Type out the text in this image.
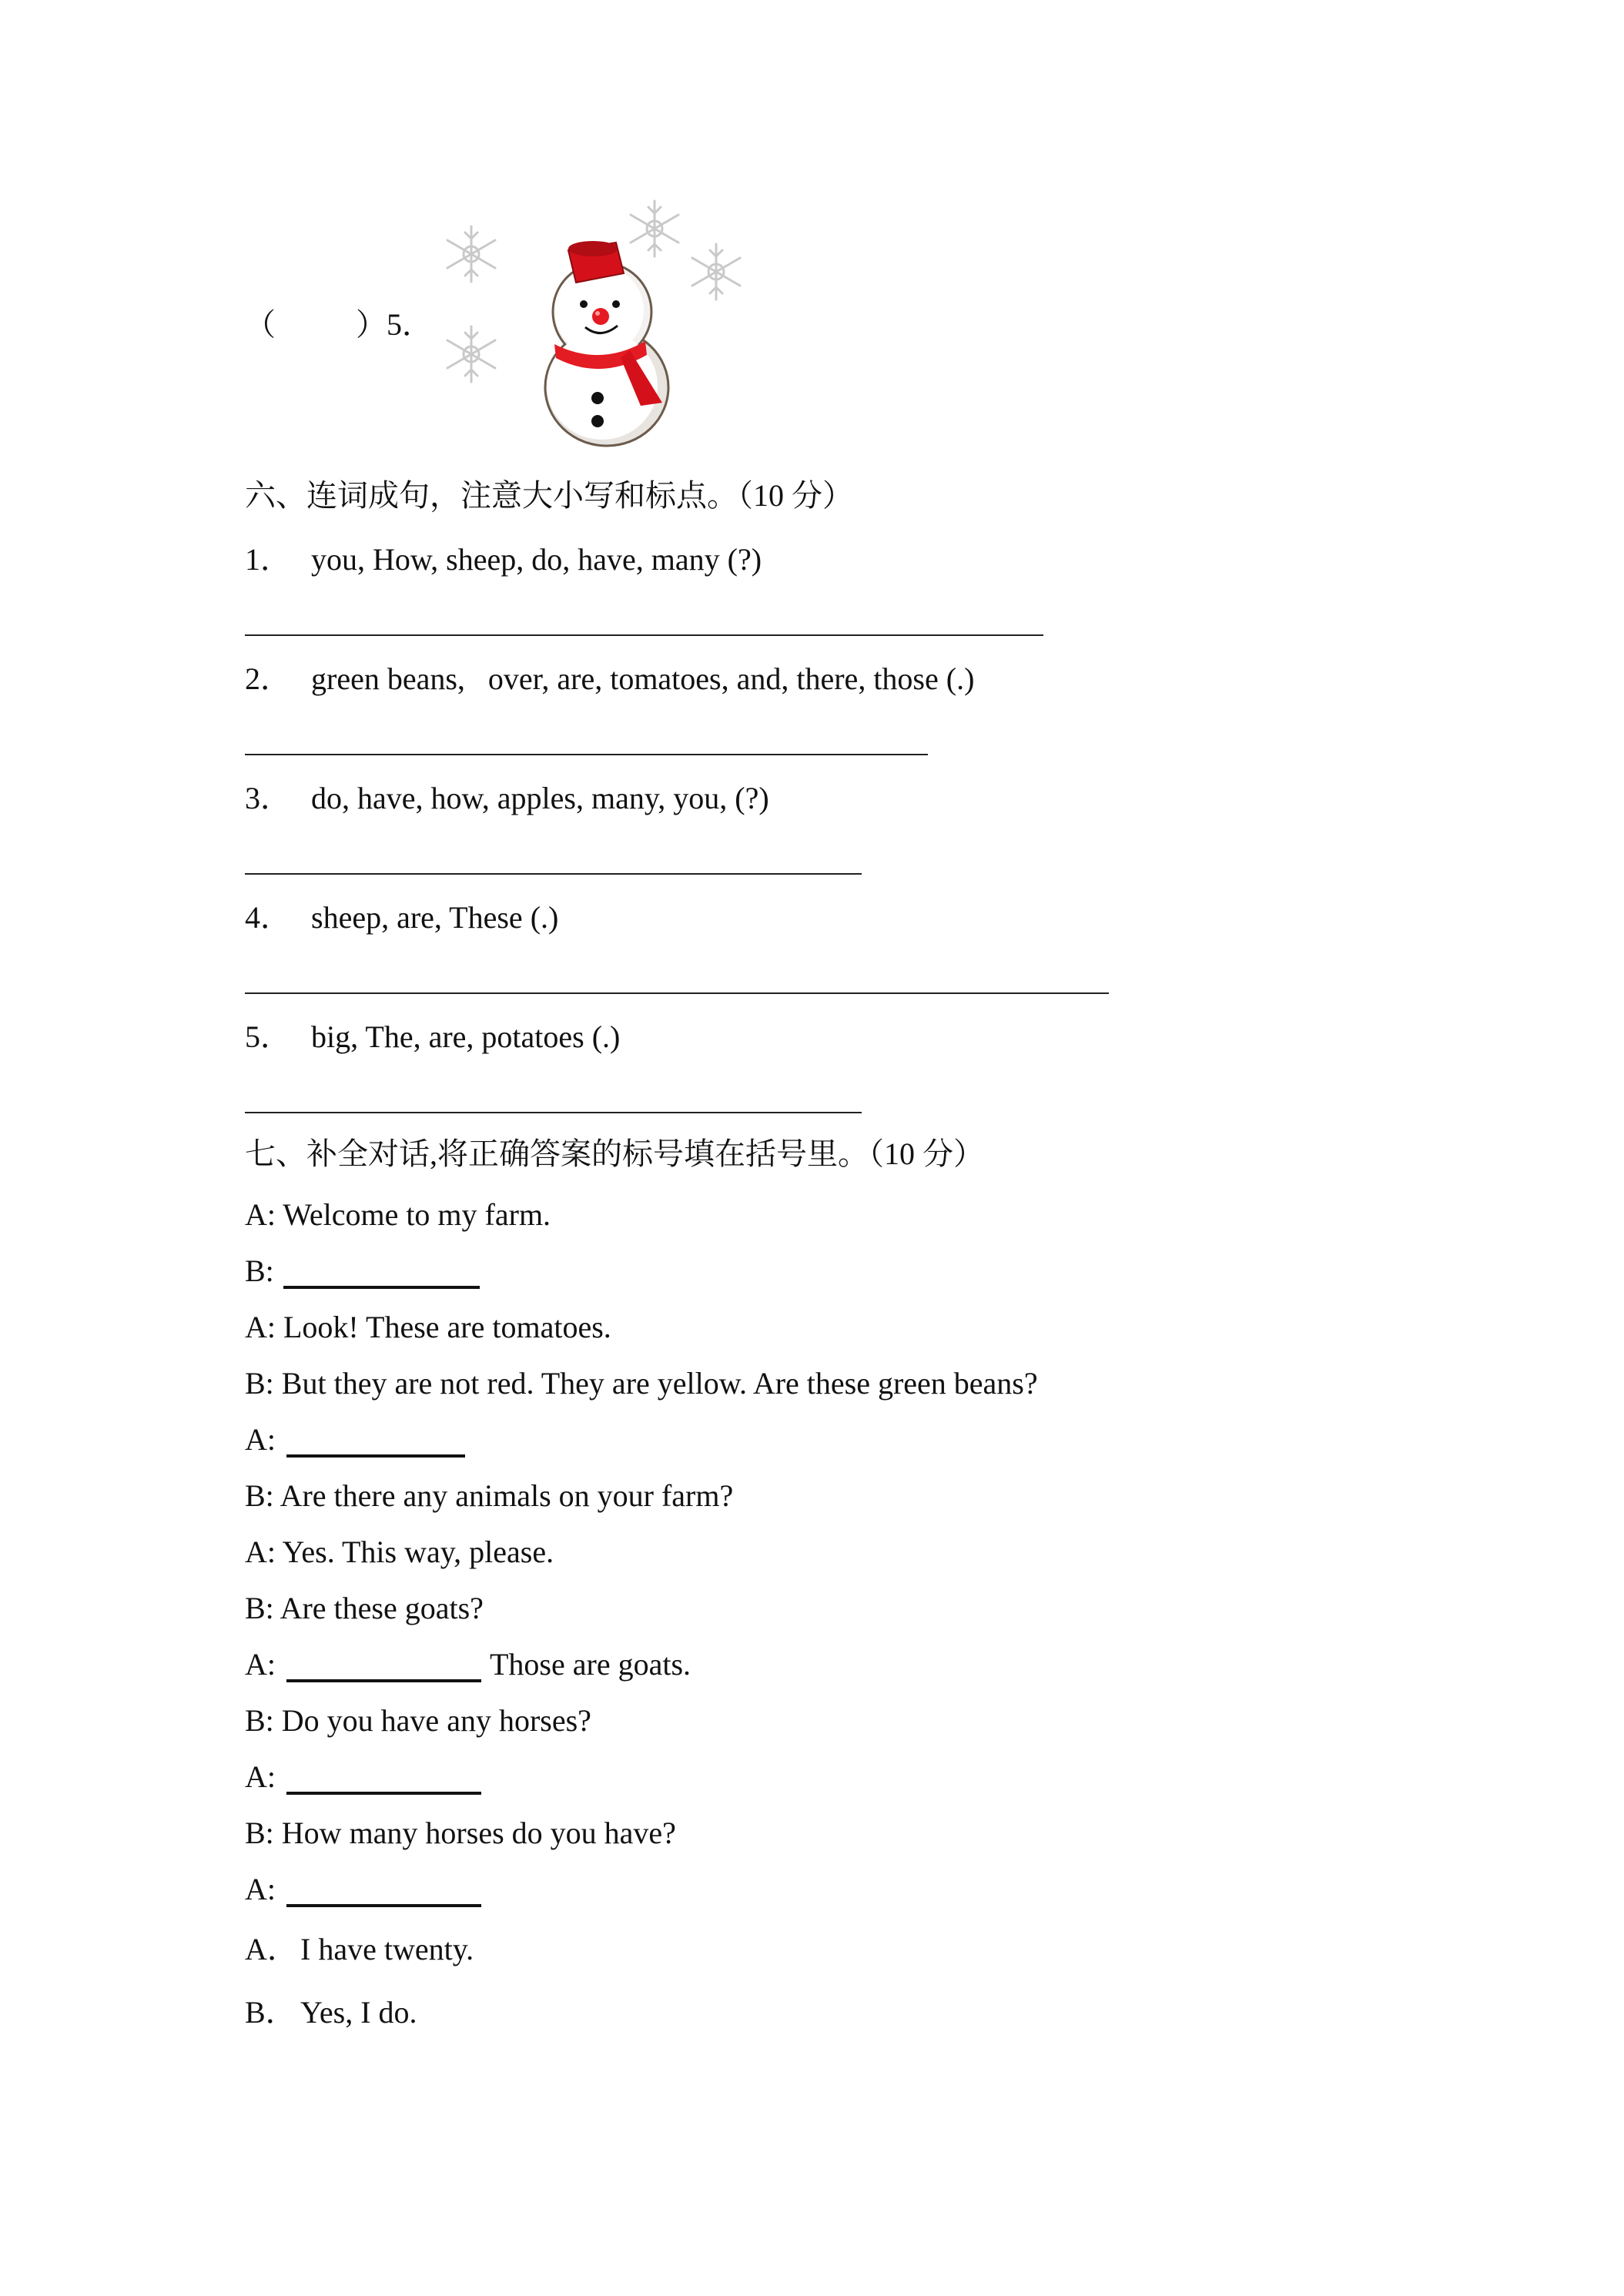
（	）5．
六、连词成句，注意大小写和标点。（10 分）
1． you, How, sheep, do, have, many (?)
2． green beans,   over, are, tomatoes, and, there, those (.)
3． do, have, how, apples, many, you, (?)
4． sheep, are, These (.)
5． big, The, are, potatoes (.)
七、补全对话,将正确答案的标号填在括号里。（10 分）
A: Welcome to my farm.
B:
A: Look! These are tomatoes.
B: But they are not red. They are yellow. Are these green beans?
A:
B: Are there any animals on your farm?
A: Yes. This way, please.
B: Are these goats?
A:	Those are goats.
B: Do you have any horses?
A:
B: How many horses do you have?
A:
A． I have twenty.
B． Yes, I do.
